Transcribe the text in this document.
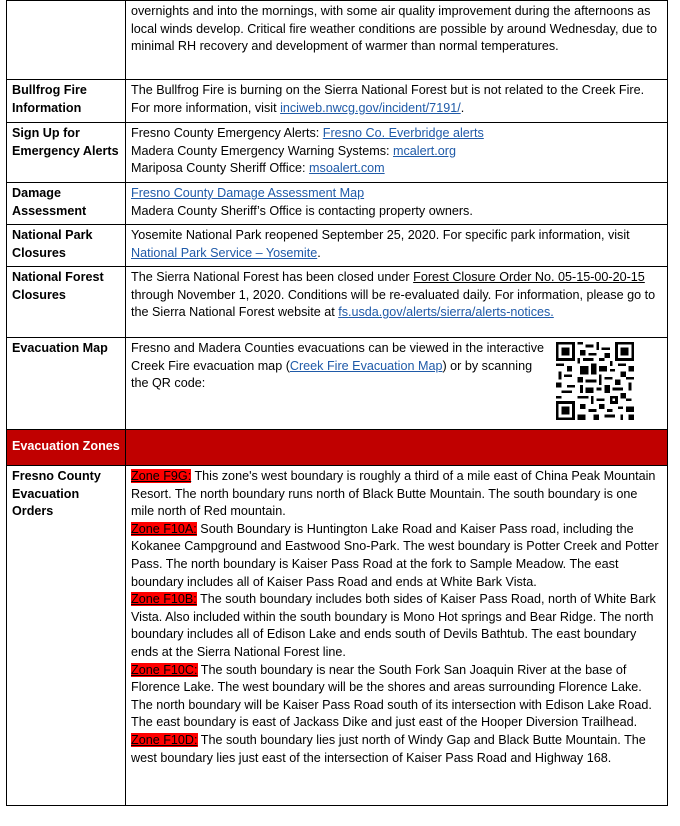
	overnights and into the mornings, with some air quality improvement during the afternoons as local winds develop. Critical fire weather conditions are possible by around Wednesday, due to minimal RH recovery and development of warmer than normal temperatures.
Bullfrog Fire Information	The Bullfrog Fire is burning on the Sierra National Forest but is not related to the Creek Fire. For more information, visit inciweb.nwcg.gov/incident/7191/.
Sign Up for Emergency Alerts	Fresno County Emergency Alerts: Fresno Co. Everbridge alerts
Madera County Emergency Warning Systems: mcalert.org
Mariposa County Sheriff Office: msoalert.com

Damage Assessment	Fresno County Damage Assessment Map
Madera County Sheriff’s Office is contacting property owners.

National Park Closures	Yosemite National Park reopened September 25, 2020. For specific park information, visit National Park Service – Yosemite.
National Forest Closures	The Sierra National Forest has been closed under Forest Closure Order No. 05-15-00-20-15 through November 1, 2020. Conditions will be re-evaluated daily. For information, please go to the Sierra National Forest website at fs.usda.gov/alerts/sierra/alerts-notices.
Evacuation Map	Fresno and Madera Counties evacuations can be viewed in the interactive Creek Fire evacuation map (Creek Fire Evacuation Map) or by scanning the QR code:
Evacuation Zones	
Fresno County Evacuation Orders	Zone F9G: This zone's west boundary is roughly a third of a mile east of China Peak Mountain Resort. The north boundary runs north of Black Butte Mountain. The south boundary is one mile north of Red mountain.
Zone F10A: South Boundary is Huntington Lake Road and Kaiser Pass road, including the Kokanee Campground and Eastwood Sno-Park. The west boundary is Potter Creek and Potter Pass. The north boundary is Kaiser Pass Road at the fork to Sample Meadow. The east boundary includes all of Kaiser Pass Road and ends at White Bark Vista.
Zone F10B: The south boundary includes both sides of Kaiser Pass Road, north of White Bark Vista. Also included within the south boundary is Mono Hot springs and Bear Ridge. The north boundary includes all of Edison Lake and ends south of Devils Bathtub. The east boundary ends at the Sierra National Forest line.
Zone F10C: The south boundary is near the South Fork San Joaquin River at the base of Florence Lake. The west boundary will be the shores and areas surrounding Florence Lake. The north boundary will be Kaiser Pass Road south of its intersection with Edison Lake Road. The east boundary is east of Jackass Dike and just east of the Hooper Diversion Trailhead.
Zone F10D: The south boundary lies just north of Windy Gap and Black Butte Mountain. The west boundary lies just east of the intersection of Kaiser Pass Road and Highway 168.
